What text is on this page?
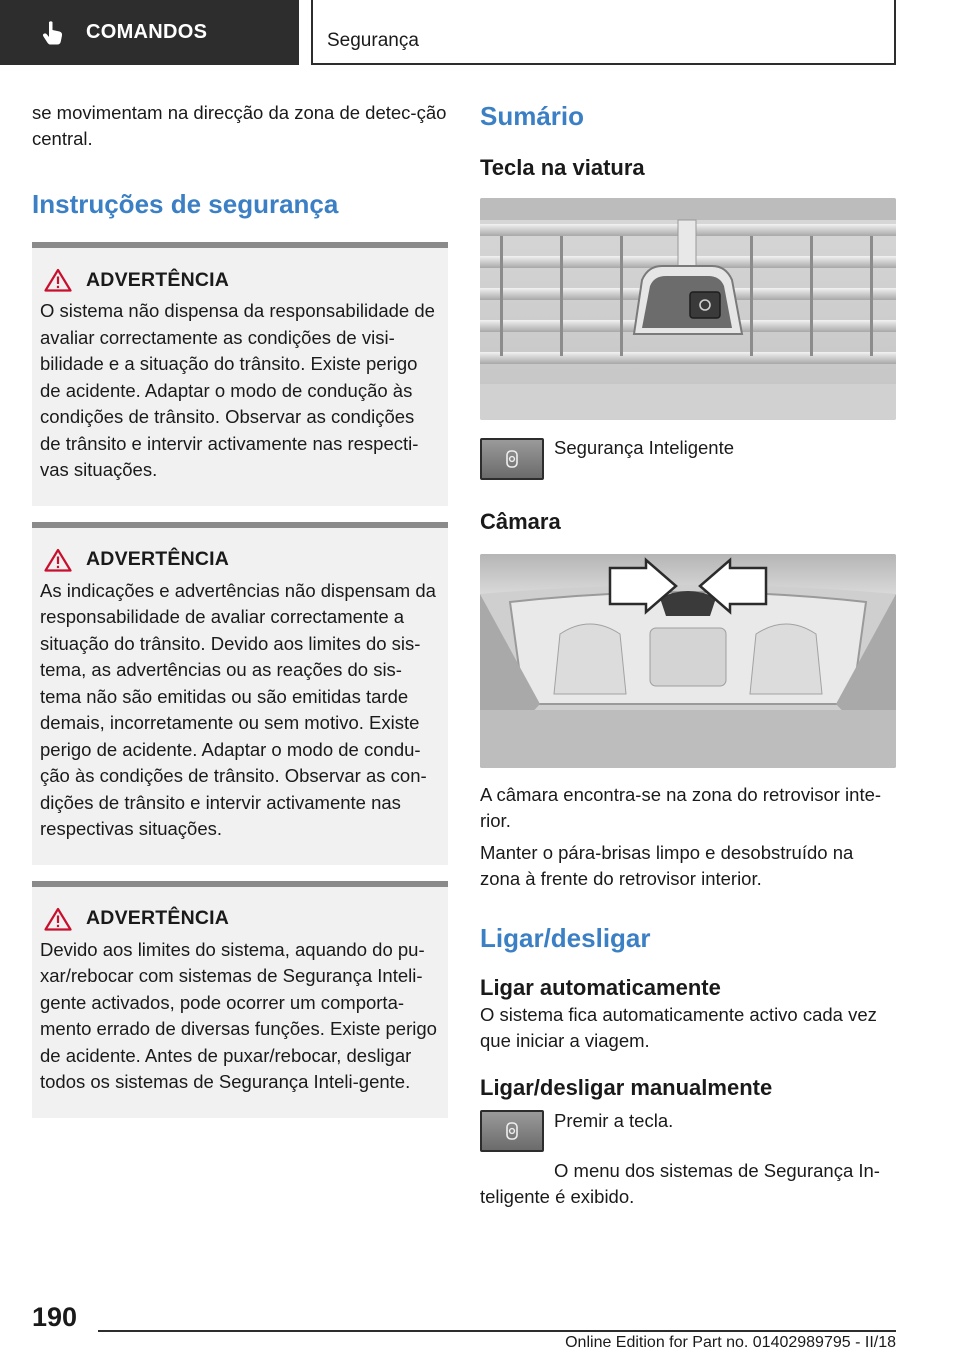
COMANDOS	Segurança

se movimentam na direcção da zona de detec-ção central.

Instruções de segurança
ADVERTÊNCIA

O sistema não dispensa da responsabilidade de avaliar correctamente as condições de visi-bilidade e a situação do trânsito. Existe perigo de acidente. Adaptar o modo de condução às condições de trânsito. Observar as condições de trânsito e intervir activamente nas respecti-vas situações.

ADVERTÊNCIA

As indicações e advertências não dispensam da responsabilidade de avaliar correctamente a situação do trânsito. Devido aos limites do sis-tema, as advertências ou as reações do sis-tema não são emitidas ou são emitidas tarde demais, incorretamente ou sem motivo. Existe perigo de acidente. Adaptar o modo de condu-ção às condições de trânsito. Observar as con-dições de trânsito e intervir activamente nas respectivas situações.

ADVERTÊNCIA

Devido aos limites do sistema, aquando do pu-xar/rebocar com sistemas de Segurança Inteli-gente activados, pode ocorrer um comporta-mento errado de diversas funções. Existe perigo de acidente. Antes de puxar/rebocar, desligar todos os sistemas de Segurança Inteli-gente.

Sumário
Tecla na viatura

Segurança Inteligente

Câmara

A câmara encontra-se na zona do retrovisor inte-rior.

Manter o pára-brisas limpo e desobstruído na zona à frente do retrovisor interior.

Ligar/desligar
Ligar automaticamente

O sistema fica automaticamente activo cada vez que iniciar a viagem.

Ligar/desligar manualmente

Premir a tecla.

O menu dos sistemas de Segurança In-teligente é exibido.

190
Online Edition for Part no. 01402989795 - II/18
